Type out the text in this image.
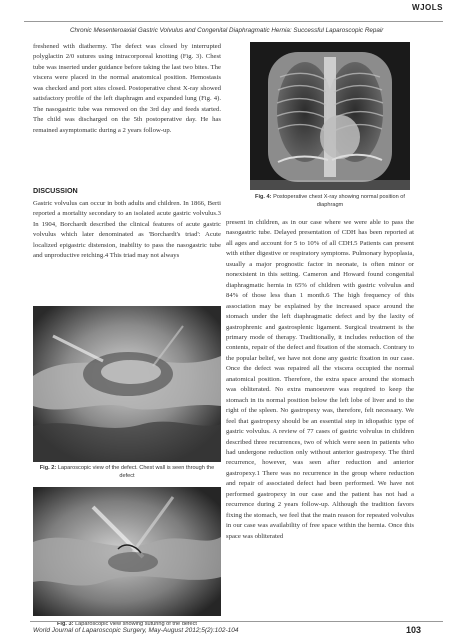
WJOLS
Chronic Mesenteroaxial Gastric Volvulus and Congenital Diaphragmatic Hernia: Successful Laparoscopic Repair

freshened with diathermy. The defect was closed by interrupted polyglactin 2/0 sutures using intracorporeal knotting (Fig. 3). Chest tube was inserted under guidance before taking the last two bites. The viscera were placed in the normal anatomical position. Hemostasis was checked and port sites closed. Postoperative chest X-ray showed satisfactory profile of the left diaphragm and expanded lung (Fig. 4). The nasogastric tube was removed on the 3rd day and feeds started. The child was discharged on the 5th postoperative day. He has remained asymptomatic during a 2 years follow-up.

DISCUSSION

Gastric volvulus can occur in both adults and children. In 1866, Berti reported a mortality secondary to an isolated acute gastric volvulus.3 In 1904, Borchardt described the clinical features of acute gastric volvulus which later denominated as 'Borchardt's triad': Acute localized epigastric distension, inability to pass the nasogastric tube and unproductive retching.4 This triad may not always

Fig. 2: Laparoscopic view of the defect. Chest wall is seen through the defect
Fig. 3: Laparoscopic view showing suturing of the defect
Fig. 4: Postoperative chest X-ray showing normal position of diaphragm

present in children, as in our case where we were able to pass the nasogastric tube. Delayed presentation of CDH has been reported at all ages and account for 5 to 10% of all CDH.5 Patients can present with either digestive or respiratory symptoms. Pulmonary hypoplasia, usually a major prognostic factor in neonate, is often minor or nonexistent in this setting. Cameron and Howard found congenital diaphragmatic hernia in 65% of children with gastric volvulus and 84% of those less than 1 month.6 The high frequency of this association may be explained by the increased space around the stomach under the left diaphragmatic defect and by the laxity of gastrophrenic and gastrosplenic ligament. Surgical treatment is the primary mode of therapy. Traditionally, it includes reduction of the contents, repair of the defect and fixation of the stomach. Contrary to the popular belief, we have not done any gastric fixation in our case. Once the defect was repaired all the viscera occupied the normal anatomical position. Therefore, the extra space around the stomach was obliterated. No extra manoeuvre was required to keep the stomach in its normal position below the left lobe of liver and to the right of the spleen. No gastropexy was, therefore, felt necessary. We feel that gastropexy should be an essential step in idiopathic type of gastric volvulus. A review of 77 cases of gastric volvulus in children described three recurrences, two of which were seen in patients who had undergone reduction only without anterior gastropexy. The third recurrence, however, was seen after reduction and anterior gastropexy.1 There was no recurrence in the group where reduction and repair of associated defect had been performed. We have not performed gastropexy in our case and the patient has not had a recurrence during 2 years follow-up. Although the tradition favors fixing the stomach, we feel that the main reason for repeated volvulus in our case was availability of free space within the hernia. Once this space was obliterated

World Journal of Laparoscopic Surgery, May-August 2012;5(2):102-104	103
